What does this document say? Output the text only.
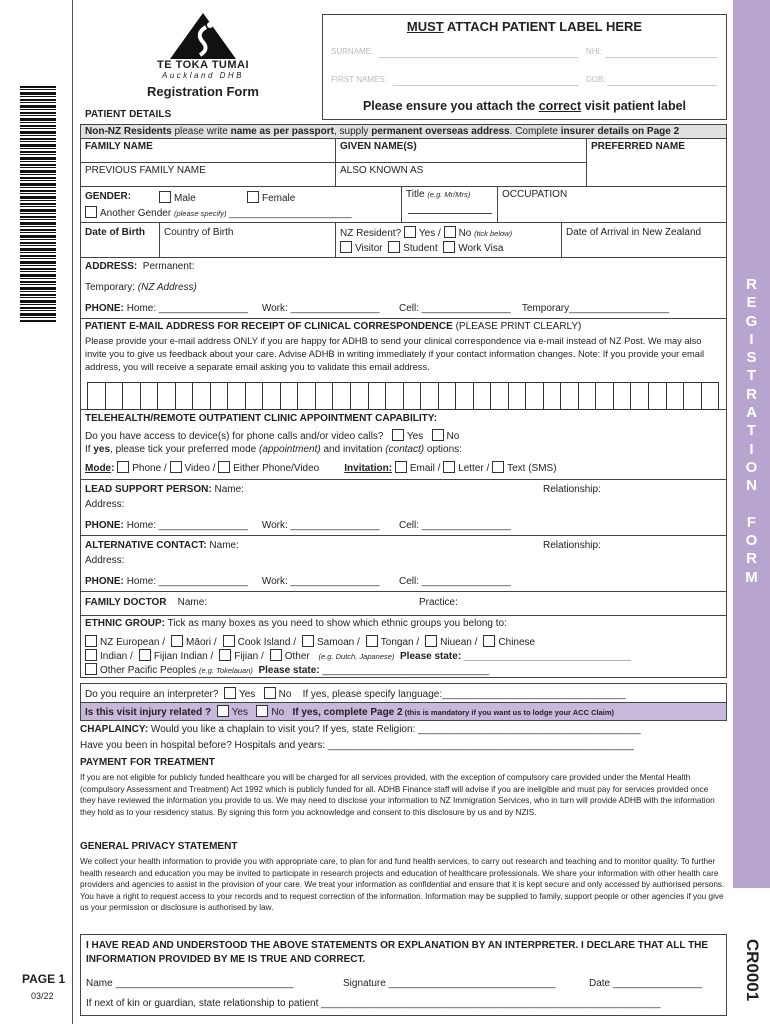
PAGE 1
03/22
R
E
G
I
S
T
R
A
T
I
O
N

F
O
R
M
CR0001
TE TOKA TUMAI
Auckland DHB
Registration Form
MUST ATTACH PATIENT LABEL HERE
SURNAME:	NHI:
FIRST NAMES:	DOB:
Please ensure you attach the correct visit patient label
PATIENT DETAILS
Non-NZ Residents please write name as per passport, supply permanent overseas address. Complete insurer details on Page 2
FAMILY NAME	GIVEN NAME(S)
PREVIOUS FAMILY NAME	ALSO KNOWN AS
PREFERRED NAME
GENDER:	Male	Female
Another Gender (please specify) ______________________
Title (e.g. Mr/Mrs)	OCCUPATION
Date of Birth	Country of Birth	NZ Resident? Yes / No (tick below)
Visitor Student Work Visa
Date of Arrival in New Zealand
ADDRESS: Permanent:
Temporary: (NZ Address)
PHONE: Home: ________________ Work: ________________ Cell: ________________ Temporary__________________
PATIENT E-MAIL ADDRESS FOR RECEIPT OF CLINICAL CORRESPONDENCE (PLEASE PRINT CLEARLY)
Please provide your e-mail address ONLY if you are happy for ADHB to send your clinical correspondence via e-mail instead of NZ Post. We may also invite you to give us feedback about your care. Advise ADHB in writing immediately if your contact information changes. Note: If you provide your email address, you will receive a separate email asking you to validate this email address.
TELEHEALTH/REMOTE OUTPATIENT CLINIC APPOINTMENT CAPABILITY:
Do you have access to device(s) for phone calls and/or video calls? Yes No
If yes, please tick your preferred mode (appointment) and invitation (contact) options:
Mode: Phone / Video / Either Phone/Video	Invitation: Email / Letter / Text (SMS)
LEAD SUPPORT PERSON: Name:	Relationship:
Address:
PHONE: Home: ________________ Work: ________________ Cell: ________________
ALTERNATIVE CONTACT: Name:	Relationship:
Address:
PHONE: Home: ________________ Work: ________________ Cell: ________________
FAMILY DOCTOR Name:	Practice:
ETHNIC GROUP: Tick as many boxes as you need to show which ethnic groups you belong to:
NZ European / Māori / Cook Island / Samoan / Tongan / Niuean / Chinese
Indian / Fijian Indian / Fijian / Other (e.g. Dutch, Japanese) Please state: ______________________________
Other Pacific Peoples (e.g. Tokelauan) Please state: ______________________________
Do you require an interpreter? Yes No If yes, please specify language:_________________________________
Is this visit injury related ? Yes No If yes, complete Page 2 (this is mandatory if you want us to lodge your ACC Claim)
CHAPLAINCY: Would you like a chaplain to visit you? If yes, state Religion: ________________________________________
Have you been in hospital before? Hospitals and years: _______________________________________________________
PAYMENT FOR TREATMENT
If you are not eligible for publicly funded healthcare you will be charged for all services provided, with the exception of compulsory care provided under the Mental Health (compulsory Assessment and Treatment) Act 1992 which is publicly funded for all. ADHB Finance staff will advise if you are ineligible and must pay for services provided once they have reviewed the information you provide to us. We may need to disclose your information to NZ Immigration Services, who in turn will provide ADHB with the information they hold as to your residency status. By signing this form you acknowledge and consent to this disclosure by us and by NZIS.
GENERAL PRIVACY STATEMENT
We collect your health information to provide you with appropriate care, to plan for and fund health services, to carry out research and teaching and to monitor quality. To further health research and education you may be invited to participate in research projects and education of healthcare professionals. We share your information with other health care providers and agencies to assist in the provision of your care. We treat your information as confidential and ensure that it is kept secure and only accessed by authorised persons. You have a right to request access to your records and to request correction of the information. Information may be supplied to family, support people or other agencies if you give us your permission or disclosure is authorised by law.
I HAVE READ AND UNDERSTOOD THE ABOVE STATEMENTS OR EXPLANATION BY AN INTERPRETER. I DECLARE THAT ALL THE INFORMATION PROVIDED BY ME IS TRUE AND CORRECT.
Name ________________________________	Signature ______________________________	Date ________________
If next of kin or guardian, state relationship to patient _____________________________________________________________
